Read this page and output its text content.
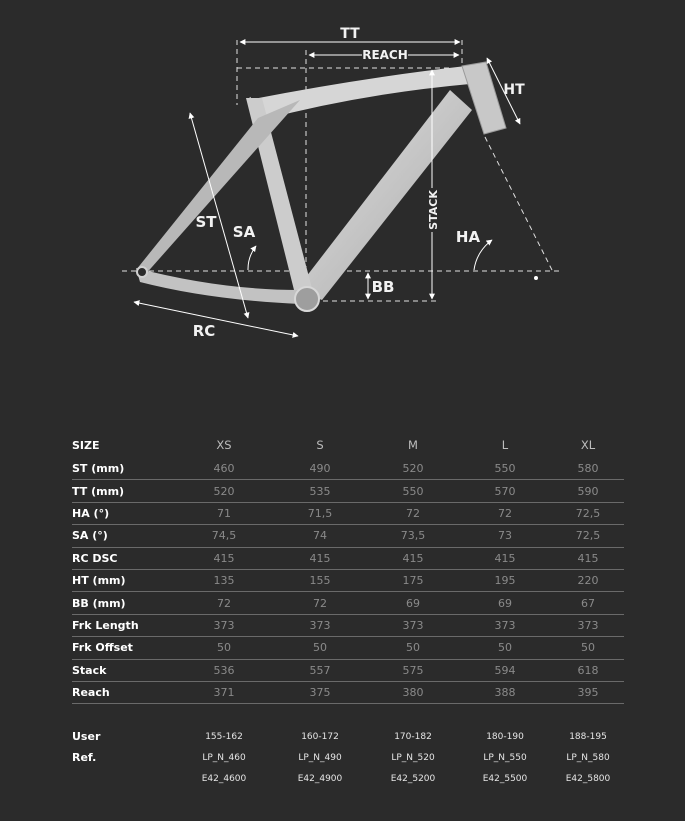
TT
REACH
HT
ST
SA
STACK
HA
BB
RC
SIZE	XS	S	M	L	XL
ST (mm)	460	490	520	550	580
TT (mm)	520	535	550	570	590
HA (°)	71	71,5	72	72	72,5
SA (°)	74,5	74	73,5	73	72,5
RC DSC	415	415	415	415	415
HT (mm)	135	155	175	195	220
BB (mm)	72	72	69	69	67
Frk Length	373	373	373	373	373
Frk Offset	50	50	50	50	50
Stack	536	557	575	594	618
Reach	371	375	380	388	395
User	155-162	160-172	170-182	180-190	188-195
Ref.	LP_N_460	LP_N_490	LP_N_520	LP_N_550	LP_N_580
	E42_4600	E42_4900	E42_5200	E42_5500	E42_5800
